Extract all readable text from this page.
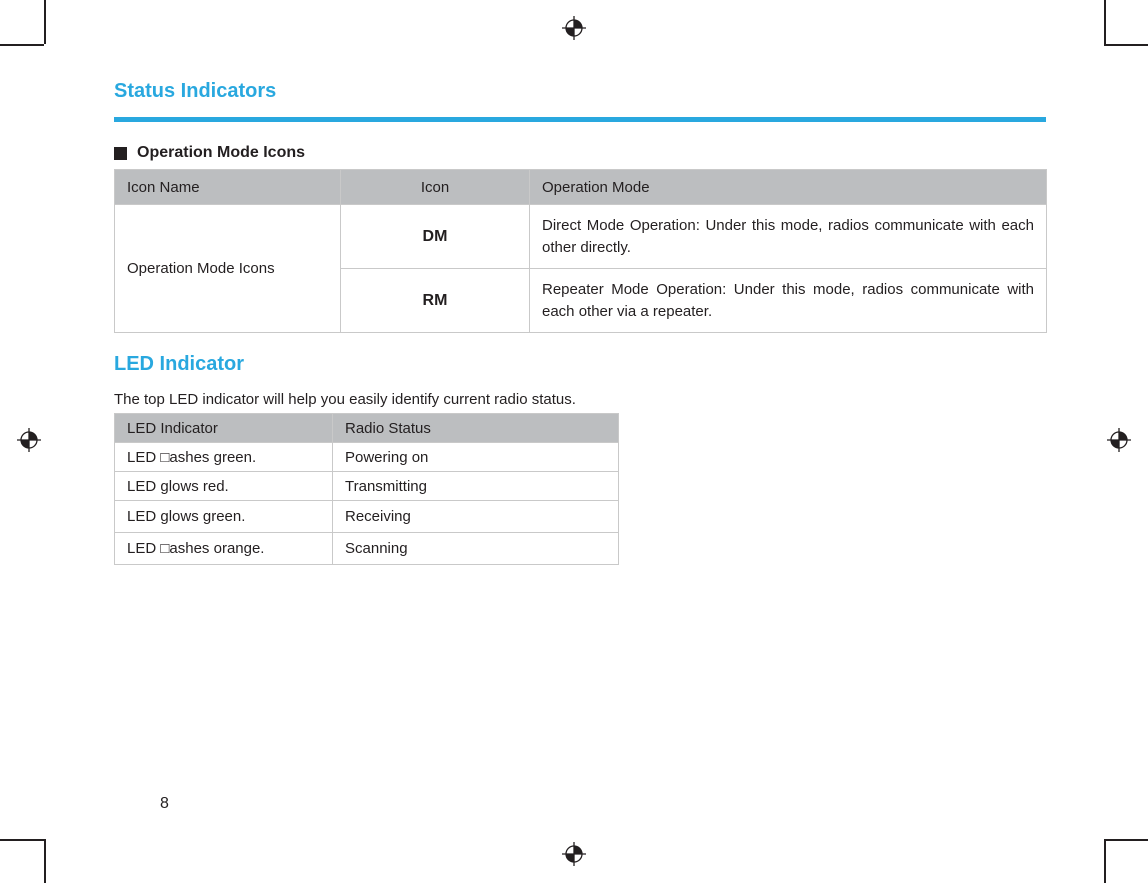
Status Indicators
Operation Mode Icons
Icon Name	Icon	Operation Mode
Operation Mode Icons	DM	Direct Mode Operation: Under this mode, radios communicate with each other directly.
	RM	Repeater Mode Operation: Under this mode, radios communicate with each other via a repeater.
LED Indicator

The top LED indicator will help you easily identify current radio status.

LED Indicator	Radio Status
LED □ashes green.	Powering on
LED glows red.	Transmitting
LED glows green.	Receiving
LED □ashes orange.	Scanning
8
